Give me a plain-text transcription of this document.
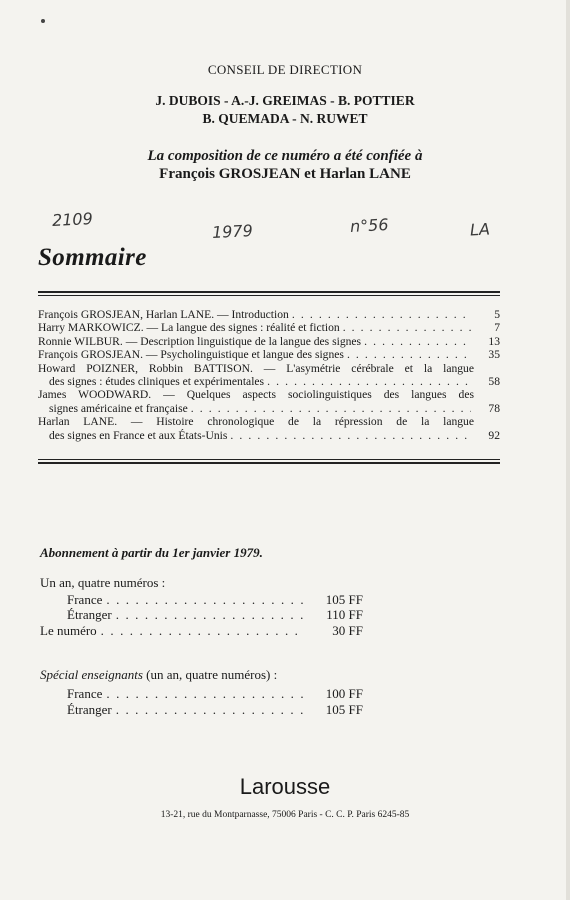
CONSEIL DE DIRECTION
J. DUBOIS - A.-J. GREIMAS - B. POTTIER
B. QUEMADA - N. RUWET
La composition de ce numéro a été confiée à
François GROSJEAN et Harlan LANE
2109
1979	n°56	LA
Sommaire
François GROSJEAN, Harlan LANE. — Introduction . . .	5
Harry MARKOWICZ. — La langue des signes : réalité et fiction . . .	7
Ronnie WILBUR. — Description linguistique de la langue des signes . . .	13
François GROSJEAN. — Psycholinguistique et langue des signes . . .	35
Howard POIZNER, Robbin BATTISON. — L'asymétrie cérébrale et la langue
des signes : études cliniques et expérimentales . . .	58
James WOODWARD. — Quelques aspects sociolinguistiques des langues des
signes américaine et française . . .	78
Harlan LANE. — Histoire chronologique de la répression de la langue
des signes en France et aux États-Unis . . .	92
Abonnement à partir du 1er janvier 1979.
Un an, quatre numéros :
France . . .	105 FF
Étranger . . .	110 FF
Le numéro . . .	30 FF
Spécial enseignants (un an, quatre numéros) :
France . . .	100 FF
Étranger . . .	105 FF
Larousse
13-21, rue du Montparnasse, 75006 Paris - C. C. P. Paris 6245-85
